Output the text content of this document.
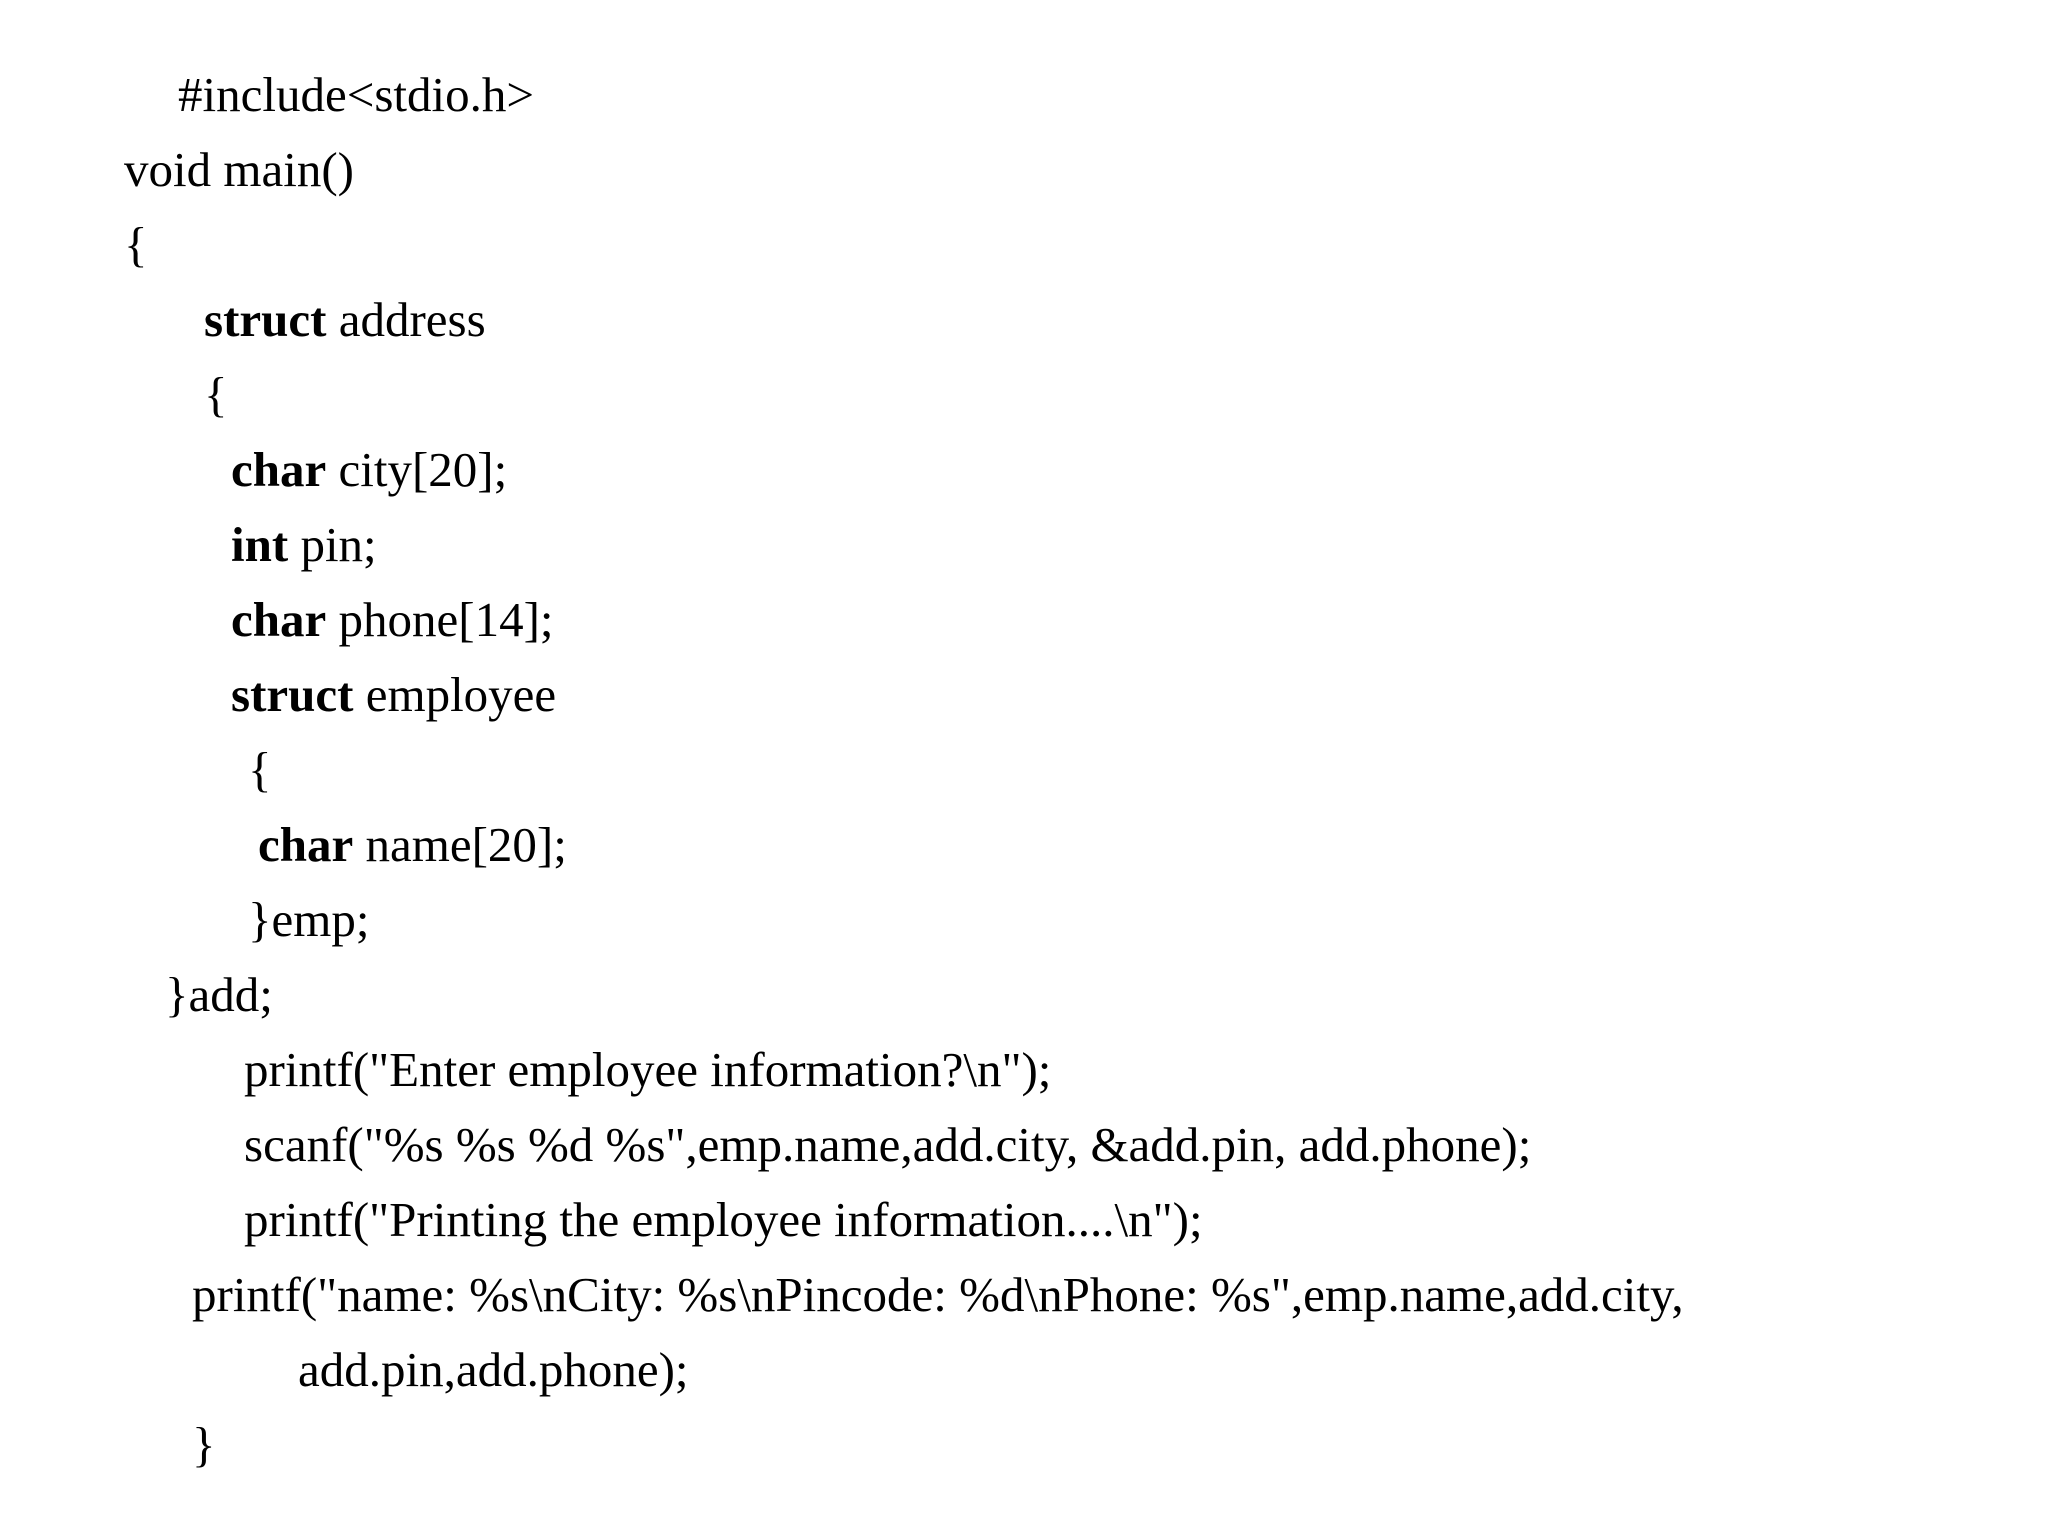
#include<stdio.h>
void main()
{
struct address
{
char city[20];
int pin;
char phone[14];
struct employee
{
char name[20];
}emp;
}add;
printf("Enter employee information?\n");
scanf("%s %s %d %s",emp.name,add.city, &add.pin, add.phone);
printf("Printing the employee information....\n");
printf("name: %s\nCity: %s\nPincode: %d\nPhone: %s",emp.name,add.city,
add.pin,add.phone);
}
